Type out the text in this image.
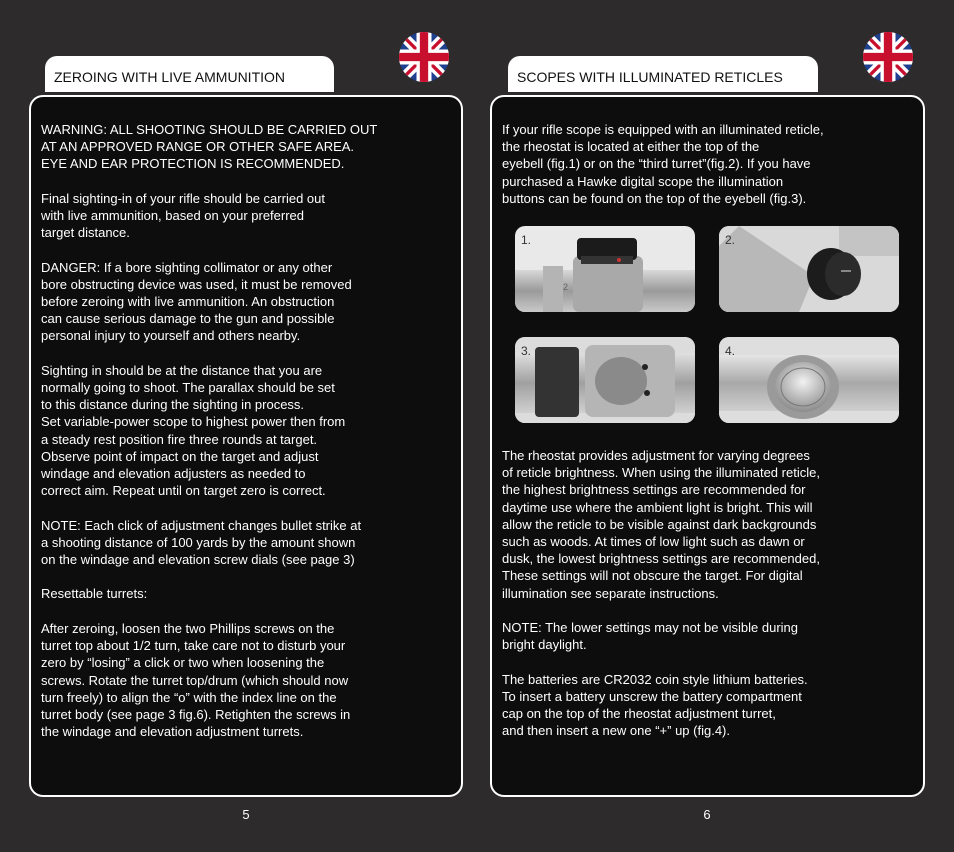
ZEROING WITH LIVE AMMUNITION

WARNING: ALL SHOOTING SHOULD BE CARRIED OUT
AT AN APPROVED RANGE OR OTHER SAFE AREA.
EYE AND EAR PROTECTION IS RECOMMENDED.

Final sighting-in of your rifle should be carried out
with live ammunition, based on your preferred
target distance.

DANGER: If a bore sighting collimator or any other
bore obstructing device was used, it must be removed
before zeroing with live ammunition. An obstruction
can cause serious damage to the gun and possible
personal injury to yourself and others nearby.

Sighting in should be at the distance that you are
normally going to shoot. The parallax should be set
to this distance during the sighting in process.
Set variable-power scope to highest power then from
a steady rest position fire three rounds at target.
Observe point of impact on the target and adjust
windage and elevation adjusters as needed to
correct aim. Repeat until on target zero is correct.

NOTE: Each click of adjustment changes bullet strike at
a shooting distance of 100 yards by the amount shown
on the windage and elevation screw dials (see page 3)

Resettable turrets:

After zeroing, loosen the two Phillips screws on the
turret top about 1/2 turn, take care not to disturb your
zero by “losing” a click or two when loosening the
screws. Rotate the turret top/drum (which should now
turn freely) to align the “o” with the index line on the
turret body (see page 3 fig.6). Retighten the screws in
the windage and elevation adjustment turrets.

5
SCOPES WITH ILLUMINATED RETICLES

If your rifle scope is equipped with an illuminated reticle,
the rheostat is located at either the top of the
eyebell (fig.1) or on the “third turret”(fig.2). If you have
purchased a Hawke digital scope the illumination
buttons can be found on the top of the eyebell (fig.3).

2
1.	2.
3.	4.

The rheostat provides adjustment for varying degrees
of reticle brightness. When using the illuminated reticle,
the highest brightness settings are recommended for
daytime use where the ambient light is bright. This will
allow the reticle to be visible against dark backgrounds
such as woods. At times of low light such as dawn or
dusk, the lowest brightness settings are recommended,
These settings will not obscure the target. For digital
illumination see separate instructions.

NOTE: The lower settings may not be visible during
bright daylight.

The batteries are CR2032 coin style lithium batteries.
To insert a battery unscrew the battery compartment
cap on the top of the rheostat adjustment turret,
and then insert a new one “+” up (fig.4).

6
